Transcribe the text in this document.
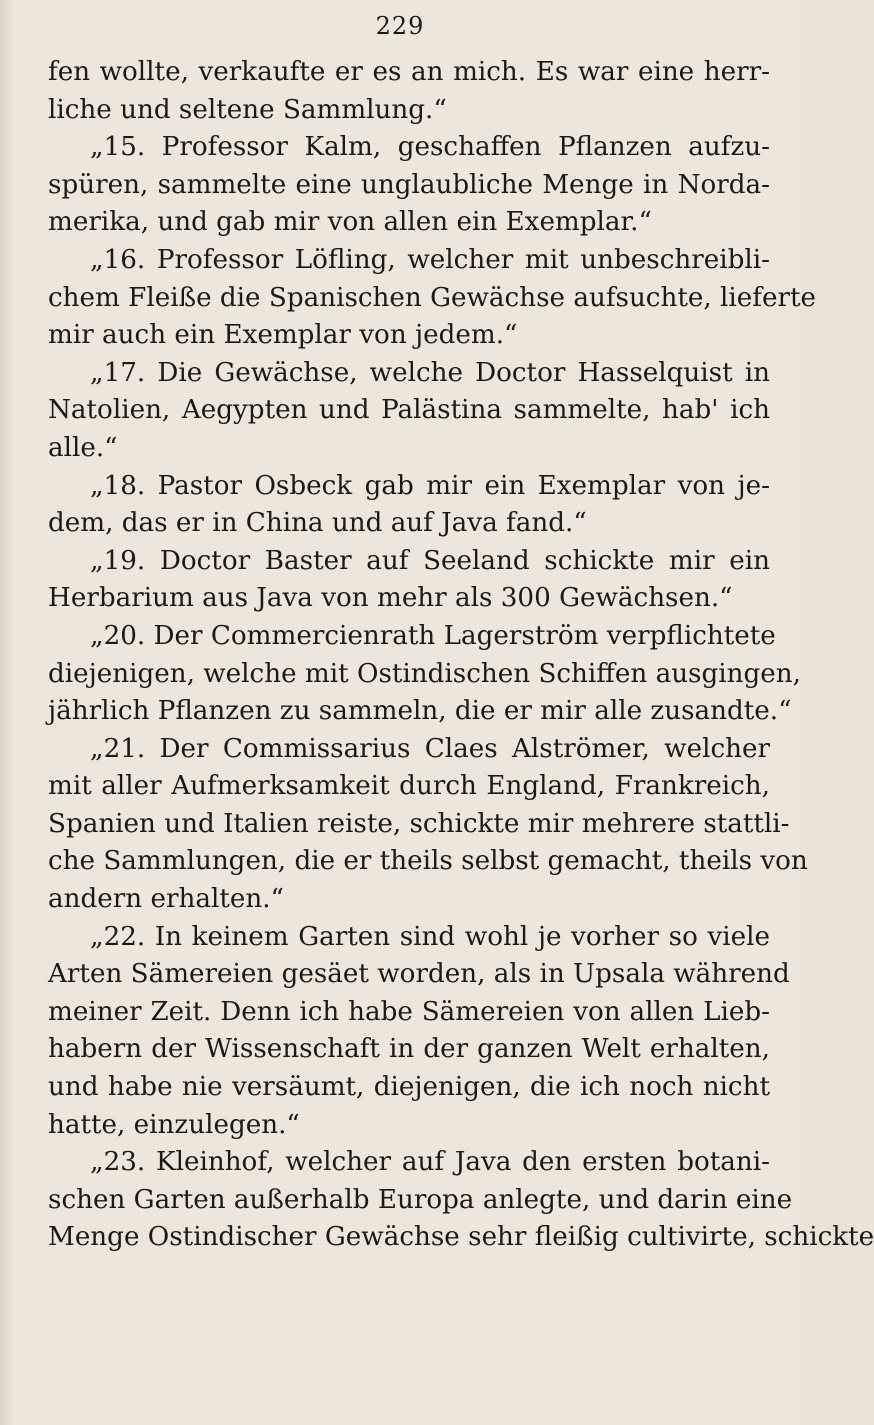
229
fen wollte, verkaufte er es an mich. Es war eine herr-
liche und seltene Sammlung.“
„15. Professor Kalm, geschaffen Pflanzen aufzu-
spüren, sammelte eine unglaubliche Menge in Norda-
merika, und gab mir von allen ein Exemplar.“
„16. Professor Löfling, welcher mit unbeschreibli-
chem Fleiße die Spanischen Gewächse aufsuchte, lieferte
mir auch ein Exemplar von jedem.“
„17. Die Gewächse, welche Doctor Hasselquist in
Natolien, Aegypten und Palästina sammelte, hab' ich
alle.“
„18. Pastor Osbeck gab mir ein Exemplar von je-
dem, das er in China und auf Java fand.“
„19. Doctor Baster auf Seeland schickte mir ein
Herbarium aus Java von mehr als 300 Gewächsen.“
„20. Der Commercienrath Lagerström verpflichtete
diejenigen, welche mit Ostindischen Schiffen ausgingen,
jährlich Pflanzen zu sammeln, die er mir alle zusandte.“
„21. Der Commissarius Claes Alströmer, welcher
mit aller Aufmerksamkeit durch England, Frankreich,
Spanien und Italien reiste, schickte mir mehrere stattli-
che Sammlungen, die er theils selbst gemacht, theils von
andern erhalten.“
„22. In keinem Garten sind wohl je vorher so viele
Arten Sämereien gesäet worden, als in Upsala während
meiner Zeit. Denn ich habe Sämereien von allen Lieb-
habern der Wissenschaft in der ganzen Welt erhalten,
und habe nie versäumt, diejenigen, die ich noch nicht
hatte, einzulegen.“
„23. Kleinhof, welcher auf Java den ersten botani-
schen Garten außerhalb Europa anlegte, und darin eine
Menge Ostindischer Gewächse sehr fleißig cultivirte, schickte
